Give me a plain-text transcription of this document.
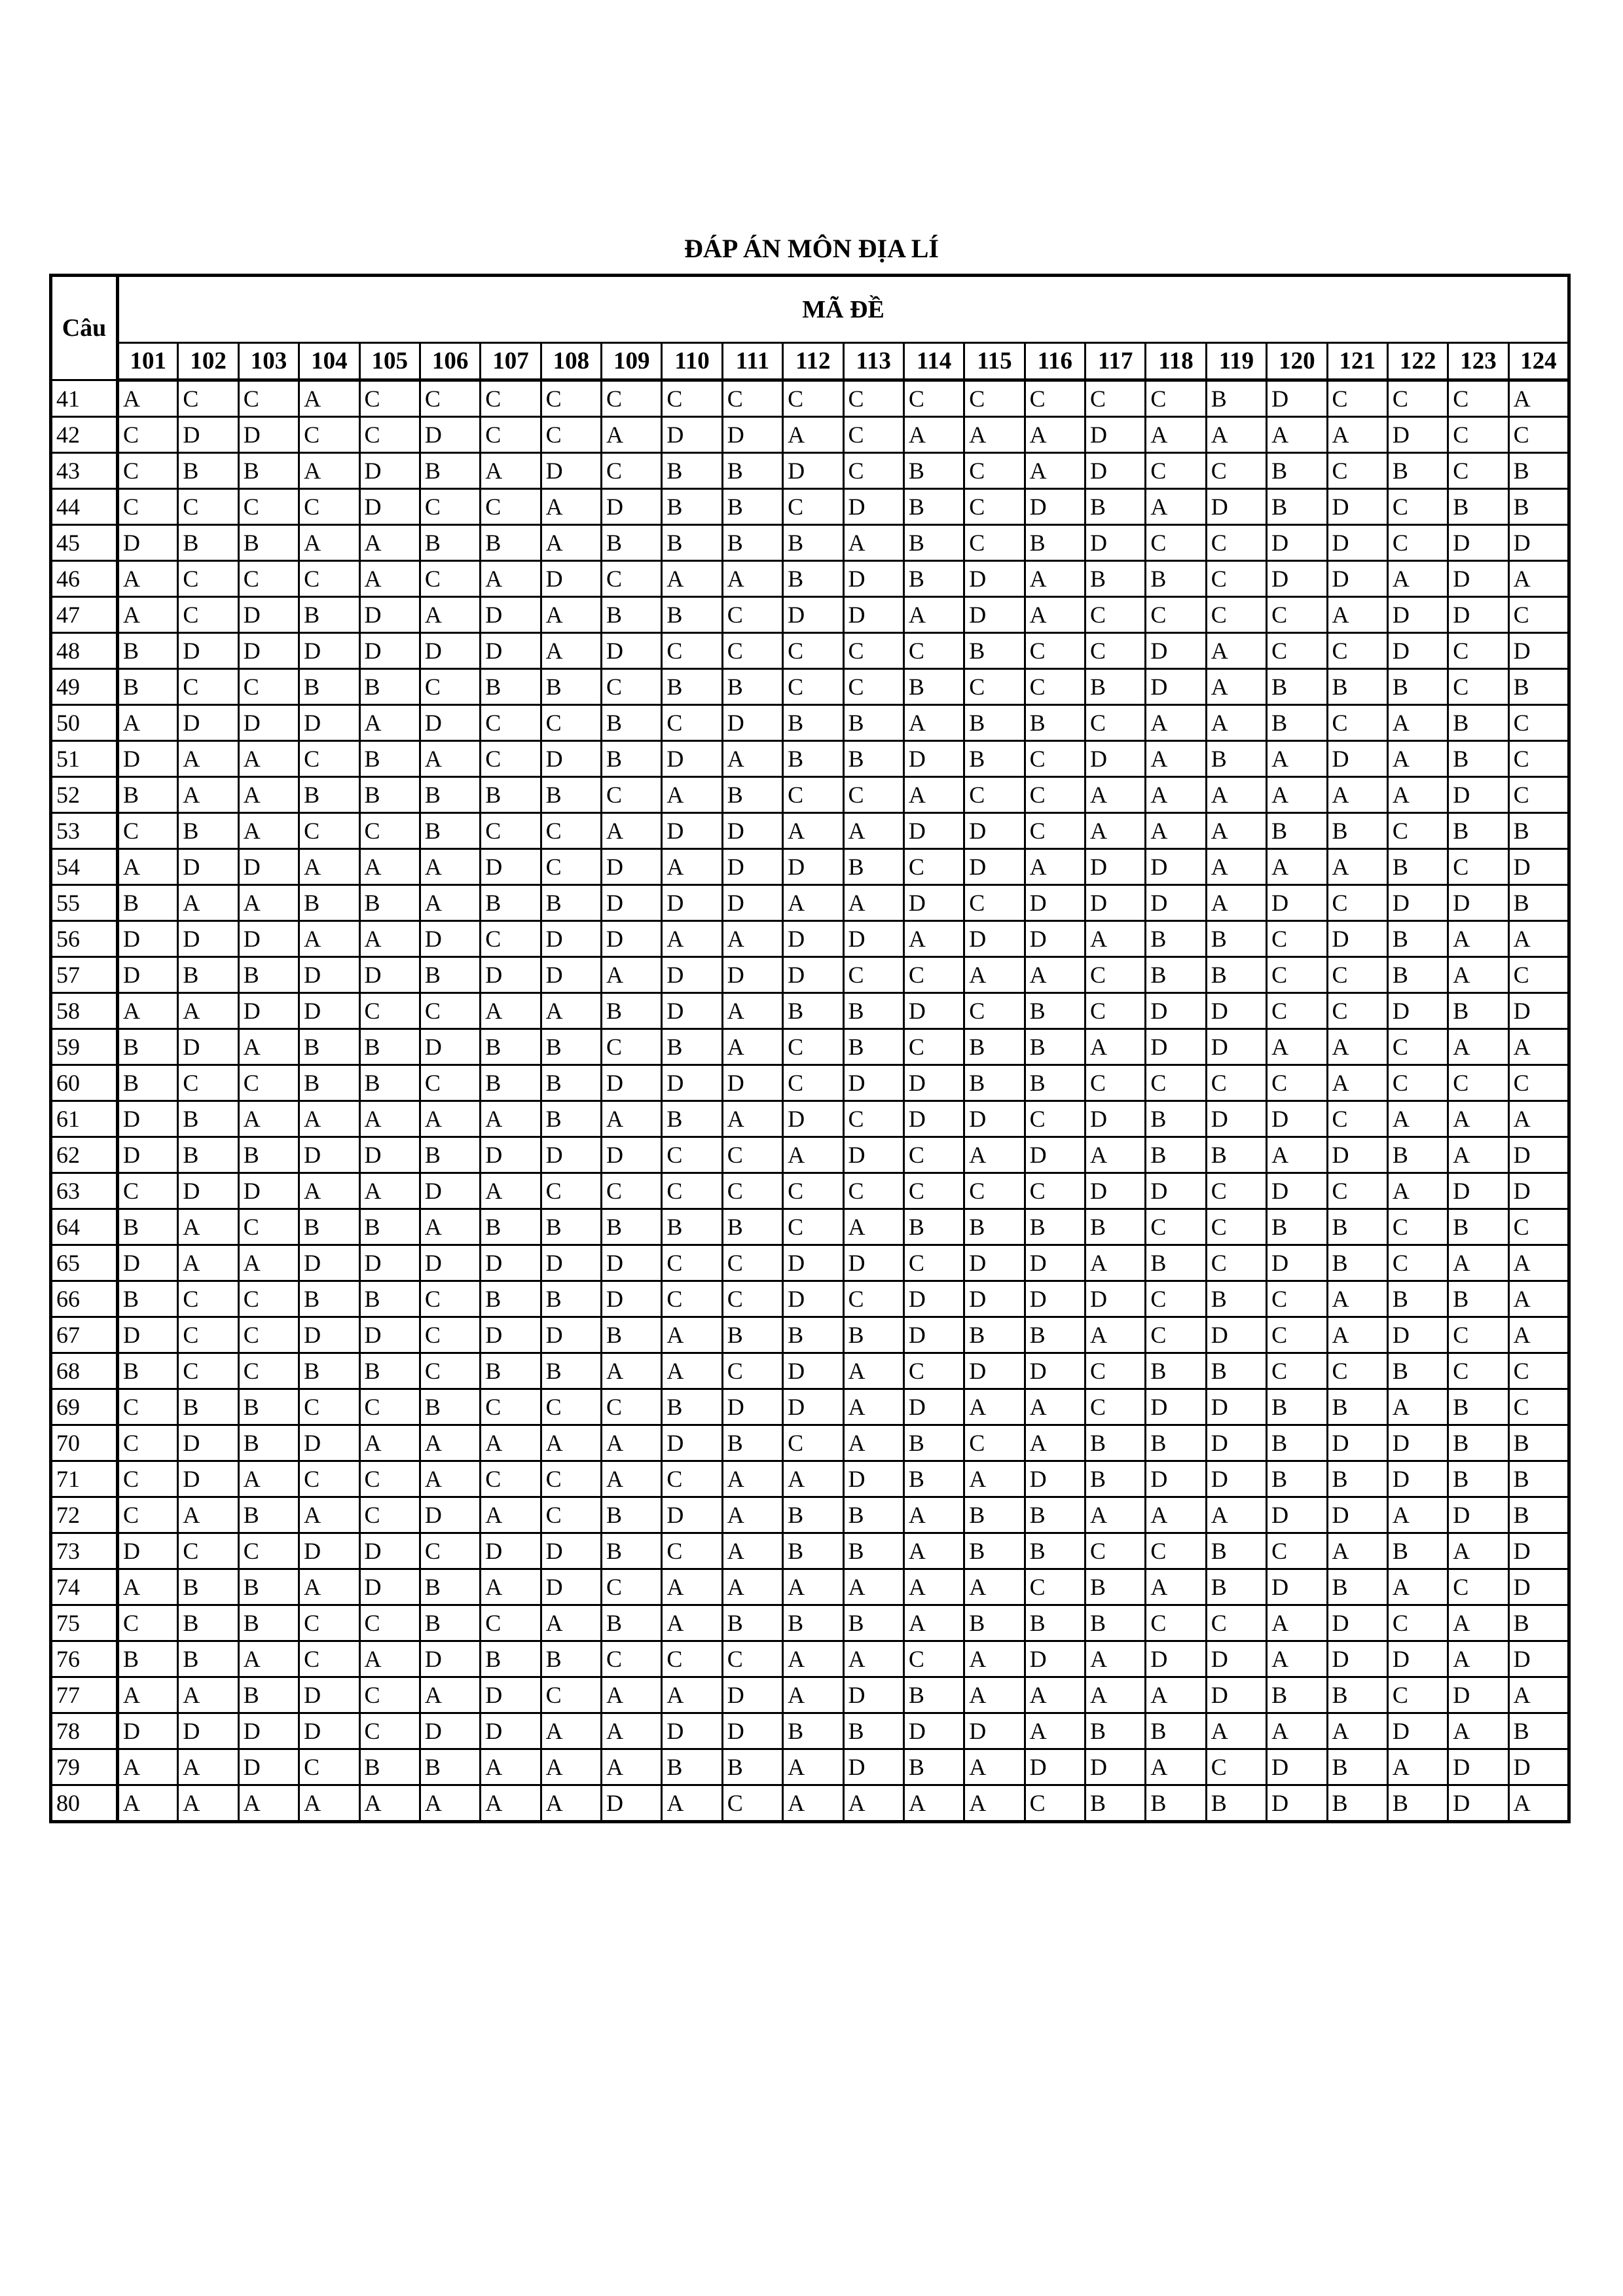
ĐÁP ÁN MÔN ĐỊA LÍ
Câu	MÃ ĐỀ																							
	101	102	103	104	105	106	107	108	109	110	111	112	113	114	115	116	117	118	119	120	121	122	123	124
41	A	C	C	A	C	C	C	C	C	C	C	C	C	C	C	C	C	C	B	D	C	C	C	A
42	C	D	D	C	C	D	C	C	A	D	D	A	C	A	A	A	D	A	A	A	A	D	C	C
43	C	B	B	A	D	B	A	D	C	B	B	D	C	B	C	A	D	C	C	B	C	B	C	B
44	C	C	C	C	D	C	C	A	D	B	B	C	D	B	C	D	B	A	D	B	D	C	B	B
45	D	B	B	A	A	B	B	A	B	B	B	B	A	B	C	B	D	C	C	D	D	C	D	D
46	A	C	C	C	A	C	A	D	C	A	A	B	D	B	D	A	B	B	C	D	D	A	D	A
47	A	C	D	B	D	A	D	A	B	B	C	D	D	A	D	A	C	C	C	C	A	D	D	C
48	B	D	D	D	D	D	D	A	D	C	C	C	C	C	B	C	C	D	A	C	C	D	C	D
49	B	C	C	B	B	C	B	B	C	B	B	C	C	B	C	C	B	D	A	B	B	B	C	B
50	A	D	D	D	A	D	C	C	B	C	D	B	B	A	B	B	C	A	A	B	C	A	B	C
51	D	A	A	C	B	A	C	D	B	D	A	B	B	D	B	C	D	A	B	A	D	A	B	C
52	B	A	A	B	B	B	B	B	C	A	B	C	C	A	C	C	A	A	A	A	A	A	D	C
53	C	B	A	C	C	B	C	C	A	D	D	A	A	D	D	C	A	A	A	B	B	C	B	B
54	A	D	D	A	A	A	D	C	D	A	D	D	B	C	D	A	D	D	A	A	A	B	C	D
55	B	A	A	B	B	A	B	B	D	D	D	A	A	D	C	D	D	D	A	D	C	D	D	B
56	D	D	D	A	A	D	C	D	D	A	A	D	D	A	D	D	A	B	B	C	D	B	A	A
57	D	B	B	D	D	B	D	D	A	D	D	D	C	C	A	A	C	B	B	C	C	B	A	C
58	A	A	D	D	C	C	A	A	B	D	A	B	B	D	C	B	C	D	D	C	C	D	B	D
59	B	D	A	B	B	D	B	B	C	B	A	C	B	C	B	B	A	D	D	A	A	C	A	A
60	B	C	C	B	B	C	B	B	D	D	D	C	D	D	B	B	C	C	C	C	A	C	C	C
61	D	B	A	A	A	A	A	B	A	B	A	D	C	D	D	C	D	B	D	D	C	A	A	A
62	D	B	B	D	D	B	D	D	D	C	C	A	D	C	A	D	A	B	B	A	D	B	A	D
63	C	D	D	A	A	D	A	C	C	C	C	C	C	C	C	C	D	D	C	D	C	A	D	D
64	B	A	C	B	B	A	B	B	B	B	B	C	A	B	B	B	B	C	C	B	B	C	B	C
65	D	A	A	D	D	D	D	D	D	C	C	D	D	C	D	D	A	B	C	D	B	C	A	A
66	B	C	C	B	B	C	B	B	D	C	C	D	C	D	D	D	D	C	B	C	A	B	B	A
67	D	C	C	D	D	C	D	D	B	A	B	B	B	D	B	B	A	C	D	C	A	D	C	A
68	B	C	C	B	B	C	B	B	A	A	C	D	A	C	D	D	C	B	B	C	C	B	C	C
69	C	B	B	C	C	B	C	C	C	B	D	D	A	D	A	A	C	D	D	B	B	A	B	C
70	C	D	B	D	A	A	A	A	A	D	B	C	A	B	C	A	B	B	D	B	D	D	B	B
71	C	D	A	C	C	A	C	C	A	C	A	A	D	B	A	D	B	D	D	B	B	D	B	B
72	C	A	B	A	C	D	A	C	B	D	A	B	B	A	B	B	A	A	A	D	D	A	D	B
73	D	C	C	D	D	C	D	D	B	C	A	B	B	A	B	B	C	C	B	C	A	B	A	D
74	A	B	B	A	D	B	A	D	C	A	A	A	A	A	A	C	B	A	B	D	B	A	C	D
75	C	B	B	C	C	B	C	A	B	A	B	B	B	A	B	B	B	C	C	A	D	C	A	B
76	B	B	A	C	A	D	B	B	C	C	C	A	A	C	A	D	A	D	D	A	D	D	A	D
77	A	A	B	D	C	A	D	C	A	A	D	A	D	B	A	A	A	A	D	B	B	C	D	A
78	D	D	D	D	C	D	D	A	A	D	D	B	B	D	D	A	B	B	A	A	A	D	A	B
79	A	A	D	C	B	B	A	A	A	B	B	A	D	B	A	D	D	A	C	D	B	A	D	D
80	A	A	A	A	A	A	A	A	D	A	C	A	A	A	A	C	B	B	B	D	B	B	D	A
